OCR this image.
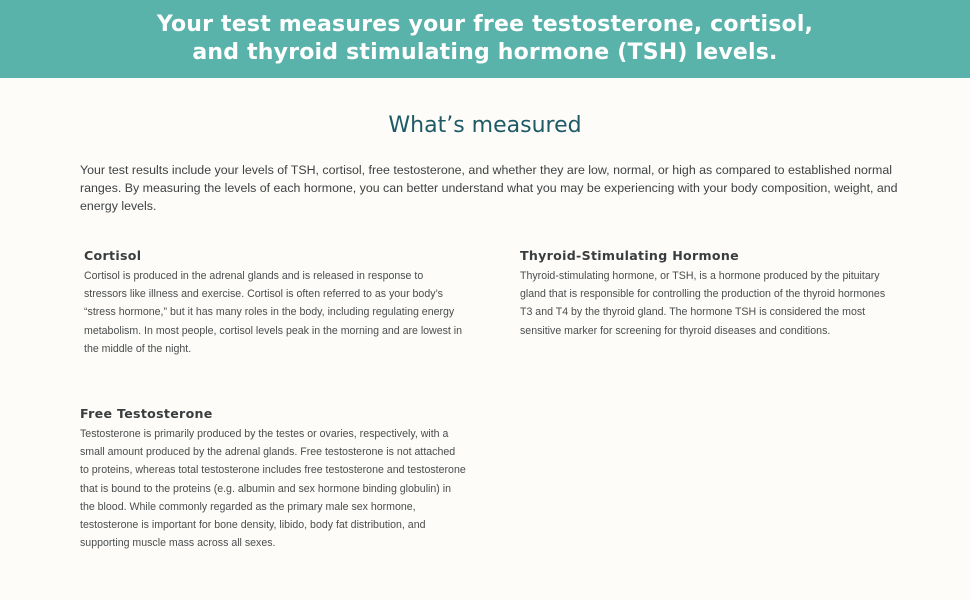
Your test measures your free testosterone, cortisol,
and thyroid stimulating hormone (TSH) levels.
What’s measured

Your test results include your levels of TSH, cortisol, free testosterone, and whether they are low, normal, or high as compared to established normal ranges. By measuring the levels of each hormone, you can better understand what you may be experiencing with your body composition, weight, and energy levels.

Cortisol

Cortisol is produced in the adrenal glands and is released in response to stressors like illness and exercise. Cortisol is often referred to as your body’s “stress hormone,” but it has many roles in the body, including regulating energy metabolism. In most people, cortisol levels peak in the morning and are lowest in the middle of the night.

Thyroid-Stimulating Hormone

Thyroid-stimulating hormone, or TSH, is a hormone produced by the pituitary gland that is responsible for controlling the production of the thyroid hormones T3 and T4 by the thyroid gland. The hormone TSH is considered the most sensitive marker for screening for thyroid diseases and conditions.

Free Testosterone

Testosterone is primarily produced by the testes or ovaries, respectively, with a small amount produced by the adrenal glands. Free testosterone is not attached to proteins, whereas total testosterone includes free testosterone and testosterone that is bound to the proteins (e.g. albumin and sex hormone binding globulin) in the blood. While commonly regarded as the primary male sex hormone, testosterone is important for bone density, libido, body fat distribution, and supporting muscle mass across all sexes.
